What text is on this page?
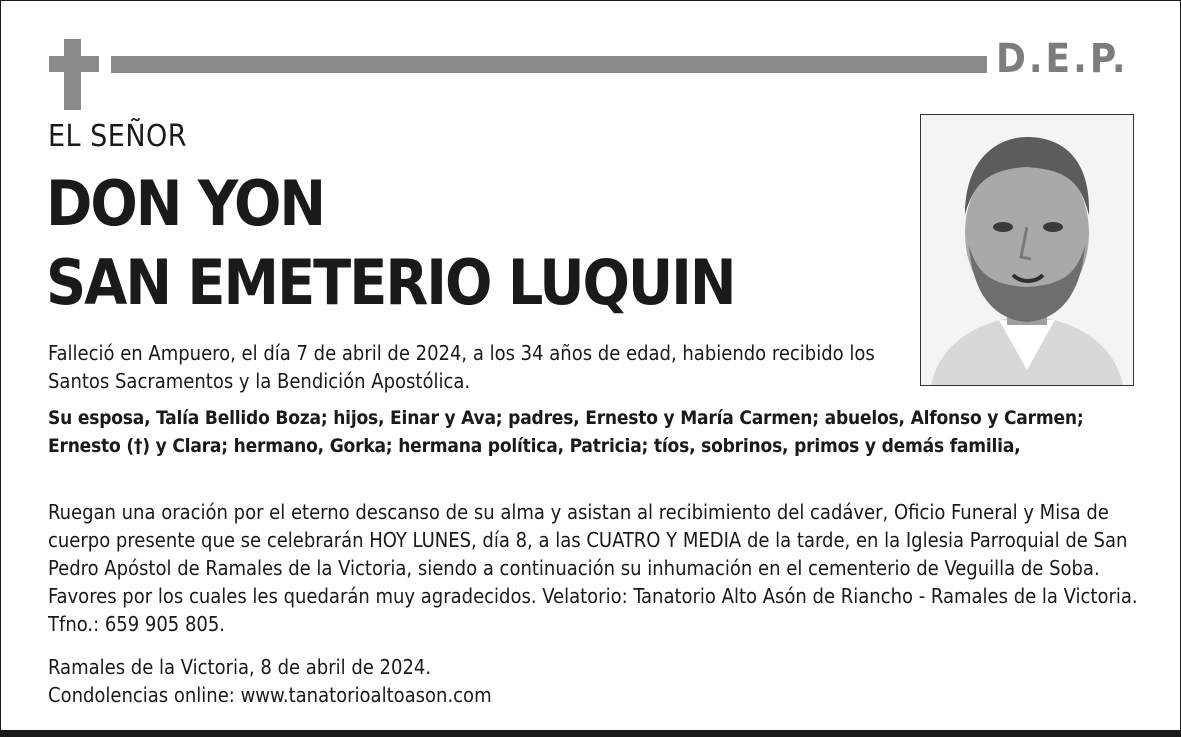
D.E.P.
EL SEÑOR
DON YON
SAN EMETERIO LUQUIN

Falleció en Ampuero, el día 7 de abril de 2024, a los 34 años de edad, habiendo recibido los Santos Sacramentos y la Bendición Apostólica.

Su esposa, Talía Bellido Boza; hijos, Einar y Ava; padres, Ernesto y María Carmen; abuelos, Alfonso y Carmen; Ernesto (†) y Clara; hermano, Gorka; hermana política, Patricia; tíos, sobrinos, primos y demás familia,

Ruegan una oración por el eterno descanso de su alma y asistan al recibimiento del cadáver, Oficio Funeral y Misa de cuerpo presente que se celebrarán HOY LUNES, día 8, a las CUATRO Y MEDIA de la tarde, en la Iglesia Parroquial de San Pedro Apóstol de Ramales de la Victoria, siendo a continuación su inhumación en el cementerio de Veguilla de Soba. Favores por los cuales les quedarán muy agradecidos. Velatorio: Tanatorio Alto Asón de Riancho - Ramales de la Victoria. Tfno.: 659 905 805.

Ramales de la Victoria, 8 de abril de 2024.

Condolencias online: www.tanatorioaltoason.com
